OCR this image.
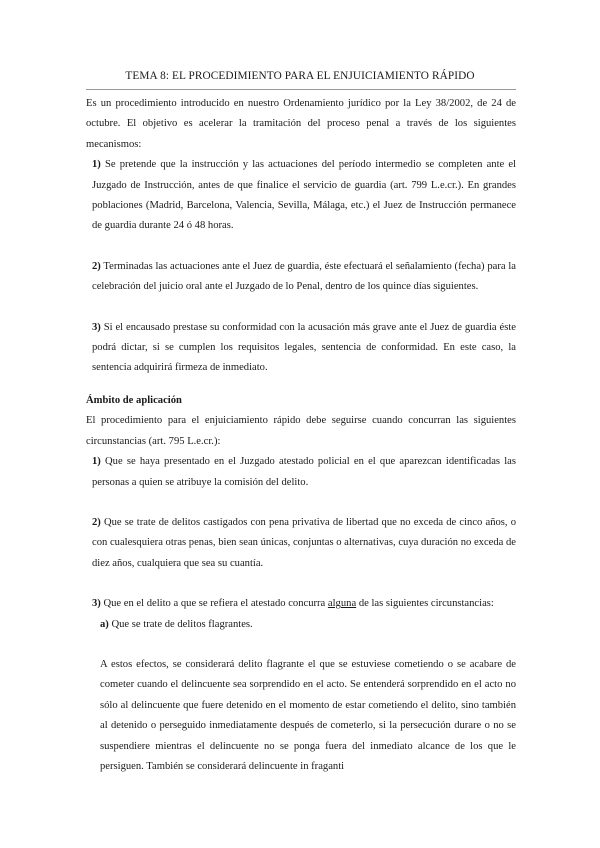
TEMA 8: EL PROCEDIMIENTO PARA EL ENJUICIAMIENTO RÁPIDO

Es un procedimiento introducido en nuestro Ordenamiento jurídico por la Ley 38/2002, de 24 de octubre. El objetivo es acelerar la tramitación del proceso penal a través de los siguientes mecanismos:

1) Se pretende que la instrucción y las actuaciones del período intermedio se completen ante el Juzgado de Instrucción, antes de que finalice el servicio de guardia (art. 799 L.e.cr.). En grandes poblaciones (Madrid, Barcelona, Valencia, Sevilla, Málaga, etc.) el Juez de Instrucción permanece de guardia durante 24 ó 48 horas.

2) Terminadas las actuaciones ante el Juez de guardia, éste efectuará el señalamiento (fecha) para la celebración del juicio oral ante el Juzgado de lo Penal, dentro de los quince días siguientes.

3) Si el encausado prestase su conformidad con la acusación más grave ante el Juez de guardia éste podrá dictar, si se cumplen los requisitos legales, sentencia de conformidad. En este caso, la sentencia adquirirá firmeza de inmediato.

Ámbito de aplicación

El procedimiento para el enjuiciamiento rápido debe seguirse cuando concurran las siguientes circunstancias (art. 795 L.e.cr.):

1) Que se haya presentado en el Juzgado atestado policial en el que aparezcan identificadas las personas a quien se atribuye la comisión del delito.

2) Que se trate de delitos castigados con pena privativa de libertad que no exceda de cinco años, o con cualesquiera otras penas, bien sean únicas, conjuntas o alternativas, cuya duración no exceda de diez años, cualquiera que sea su cuantía.

3) Que en el delito a que se refiera el atestado concurra alguna de las siguientes circunstancias:

a) Que se trate de delitos flagrantes.

A estos efectos, se considerará delito flagrante el que se estuviese cometiendo o se acabare de cometer cuando el delincuente sea sorprendido en el acto. Se entenderá sorprendido en el acto no sólo al delincuente que fuere detenido en el momento de estar cometiendo el delito, sino también al detenido o perseguido inmediatamente después de cometerlo, si la persecución durare o no se suspendiere mientras el delincuente no se ponga fuera del inmediato alcance de los que le persiguen. También se considerará delincuente in fraganti
